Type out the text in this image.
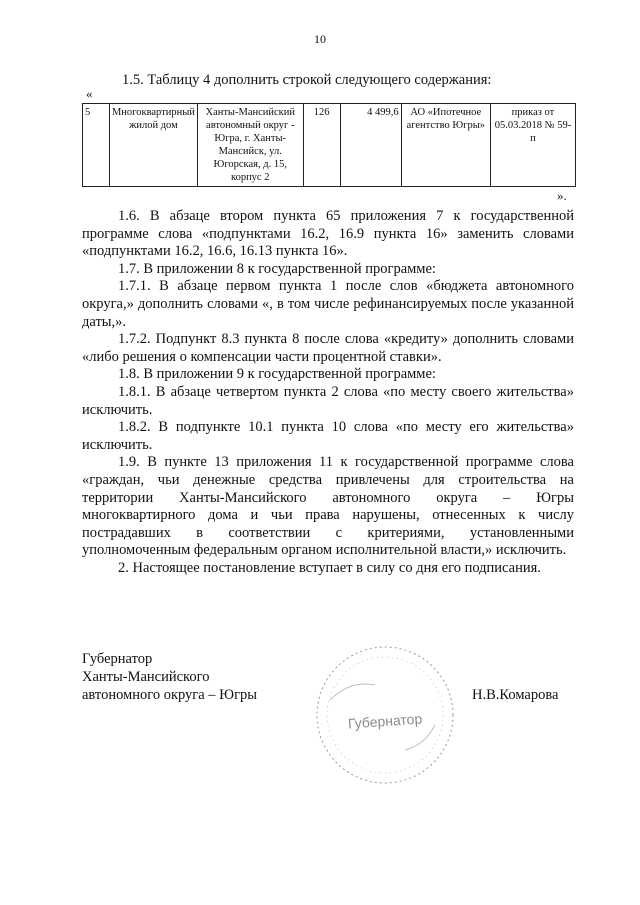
10
1.5. Таблицу 4 дополнить строкой следующего содержания:
«
5	Многоквартирный жилой дом	Ханты-Мансийский автономный округ - Югра, г. Ханты-Мансийск, ул. Югорская, д. 15, корпус 2	126	4 499,6	АО «Ипотечное агентство Югры»	приказ от 05.03.2018 № 59-п
».

1.6. В абзаце втором пункта 65 приложения 7 к государственной программе слова «подпунктами 16.2, 16.9 пункта 16» заменить словами «подпунктами 16.2, 16.6, 16.13 пункта 16».

1.7. В приложении 8 к государственной программе:

1.7.1. В абзаце первом пункта 1 после слов «бюджета автономного округа,» дополнить словами «, в том числе рефинансируемых после указанной даты,».

1.7.2. Подпункт 8.3 пункта 8 после слова «кредиту» дополнить словами «либо решения о компенсации части процентной ставки».

1.8. В приложении 9 к государственной программе:

1.8.1. В абзаце четвертом пункта 2 слова «по месту своего жительства» исключить.

1.8.2. В подпункте 10.1 пункта 10 слова «по месту его жительства» исключить.

1.9. В пункте 13 приложения 11 к государственной программе слова «граждан, чьи денежные средства привлечены для строительства на территории Ханты-Мансийского автономного округа – Югры многоквартирного дома и чьи права нарушены, отнесенных к числу пострадавших в соответствии с критериями, установленными уполномоченным федеральным органом исполнительной власти,» исключить.

2. Настоящее постановление вступает в силу со дня его подписания.

Губернатор
Ханты-Мансийского
автономного округа – Югры
Губернатор
Н.В.Комарова
